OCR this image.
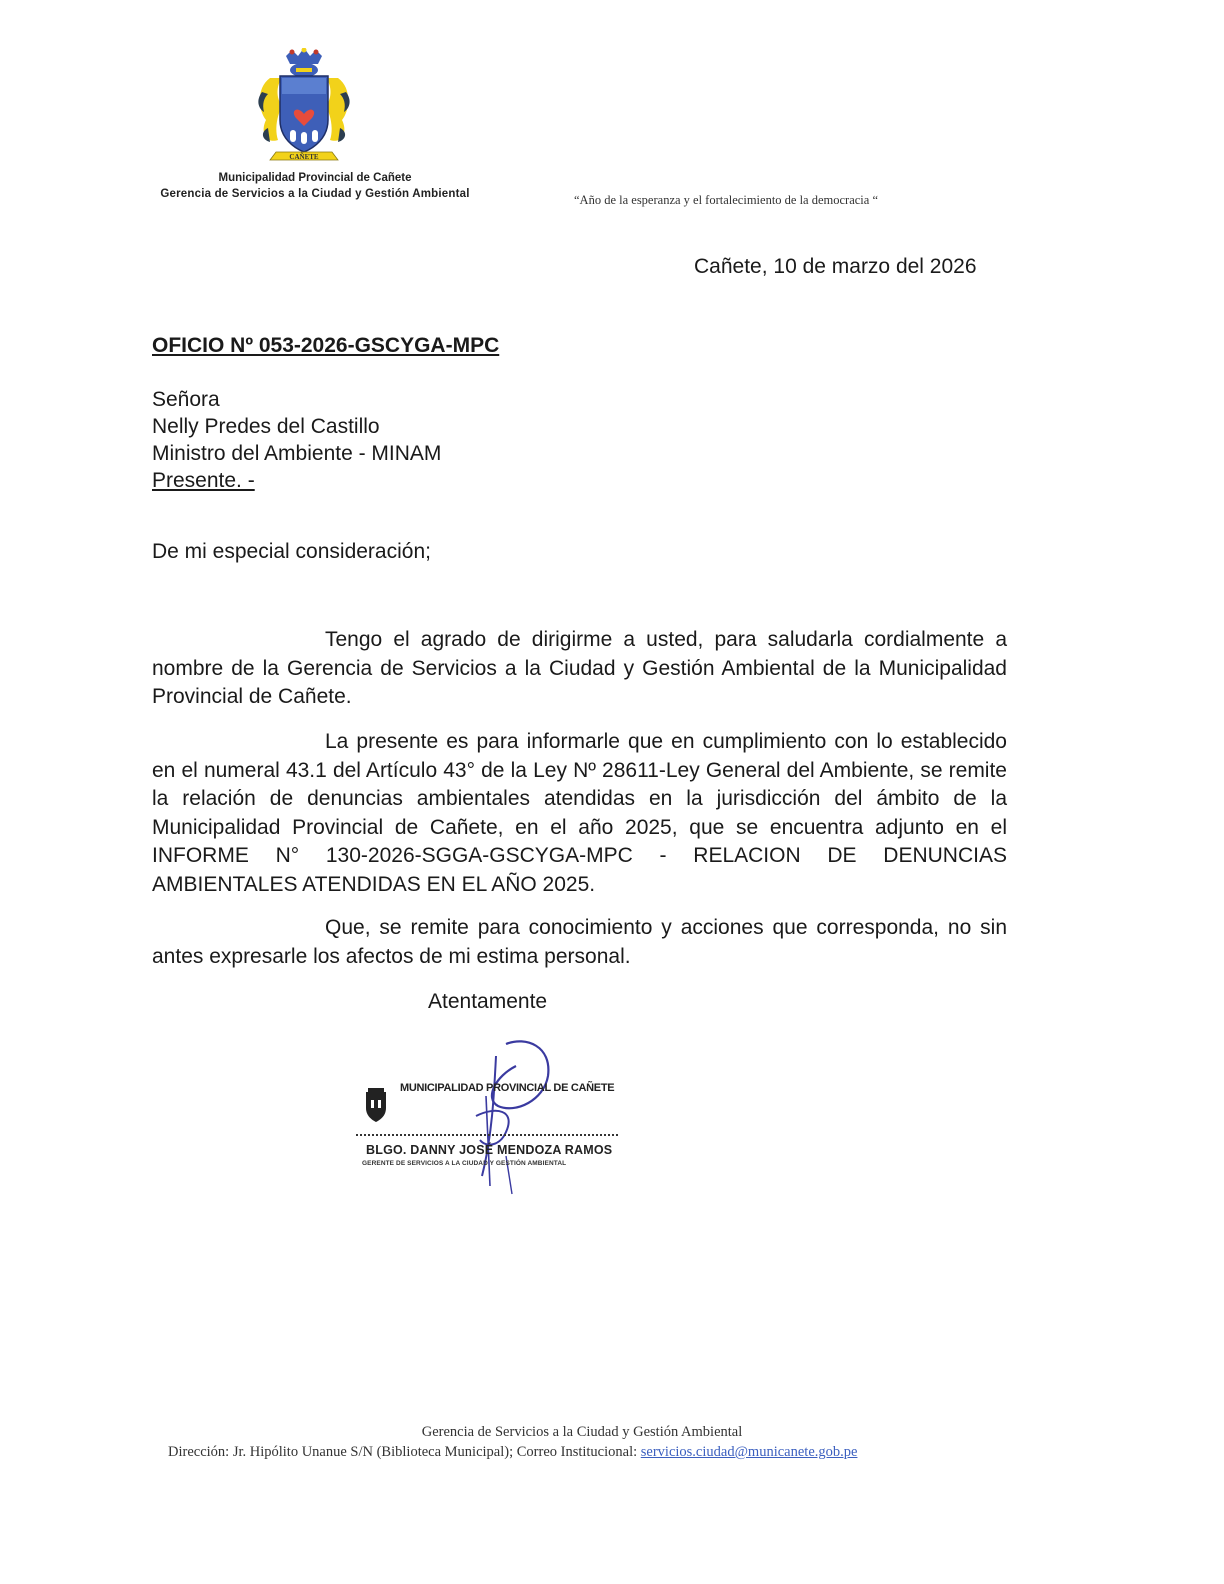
CAÑETE
Municipalidad Provincial de Cañete
Gerencia de Servicios a la Ciudad y Gestión Ambiental	“Año de la esperanza y el fortalecimiento de la democracia “
Cañete, 10 de marzo del 2026
OFICIO Nº 053-2026-GSCYGA-MPC
Señora
Nelly Predes del Castillo
Ministro del Ambiente - MINAM
Presente. -
De mi especial consideración;
Tengo el agrado de dirigirme a usted, para saludarla cordialmente a nombre de la Gerencia de Servicios a la Ciudad y Gestión Ambiental de la Municipalidad Provincial de Cañete.
La presente es para informarle que en cumplimiento con lo establecido en el numeral 43.1 del Artículo 43° de la Ley Nº 28611-Ley General del Ambiente, se remite la relación de denuncias ambientales atendidas en la jurisdicción del ámbito de la Municipalidad Provincial de Cañete, en el año 2025, que se encuentra adjunto en el INFORME N° 130-2026-SGGA-GSCYGA-MPC - RELACION DE DENUNCIAS AMBIENTALES ATENDIDAS EN EL AÑO 2025.
Que, se remite para conocimiento y acciones que corresponda, no sin antes expresarle los afectos de mi estima personal.
Atentamente
MUNICIPALIDAD PROVINCIAL DE CAÑETE
BLGO. DANNY JOSÉ MENDOZA RAMOS
GERENTE DE SERVICIOS A LA CIUDAD Y GESTIÓN AMBIENTAL
Gerencia de Servicios a la Ciudad y Gestión Ambiental
Dirección: Jr. Hipólito Unanue S/N (Biblioteca Municipal); Correo Institucional: servicios.ciudad@municanete.gob.pe
